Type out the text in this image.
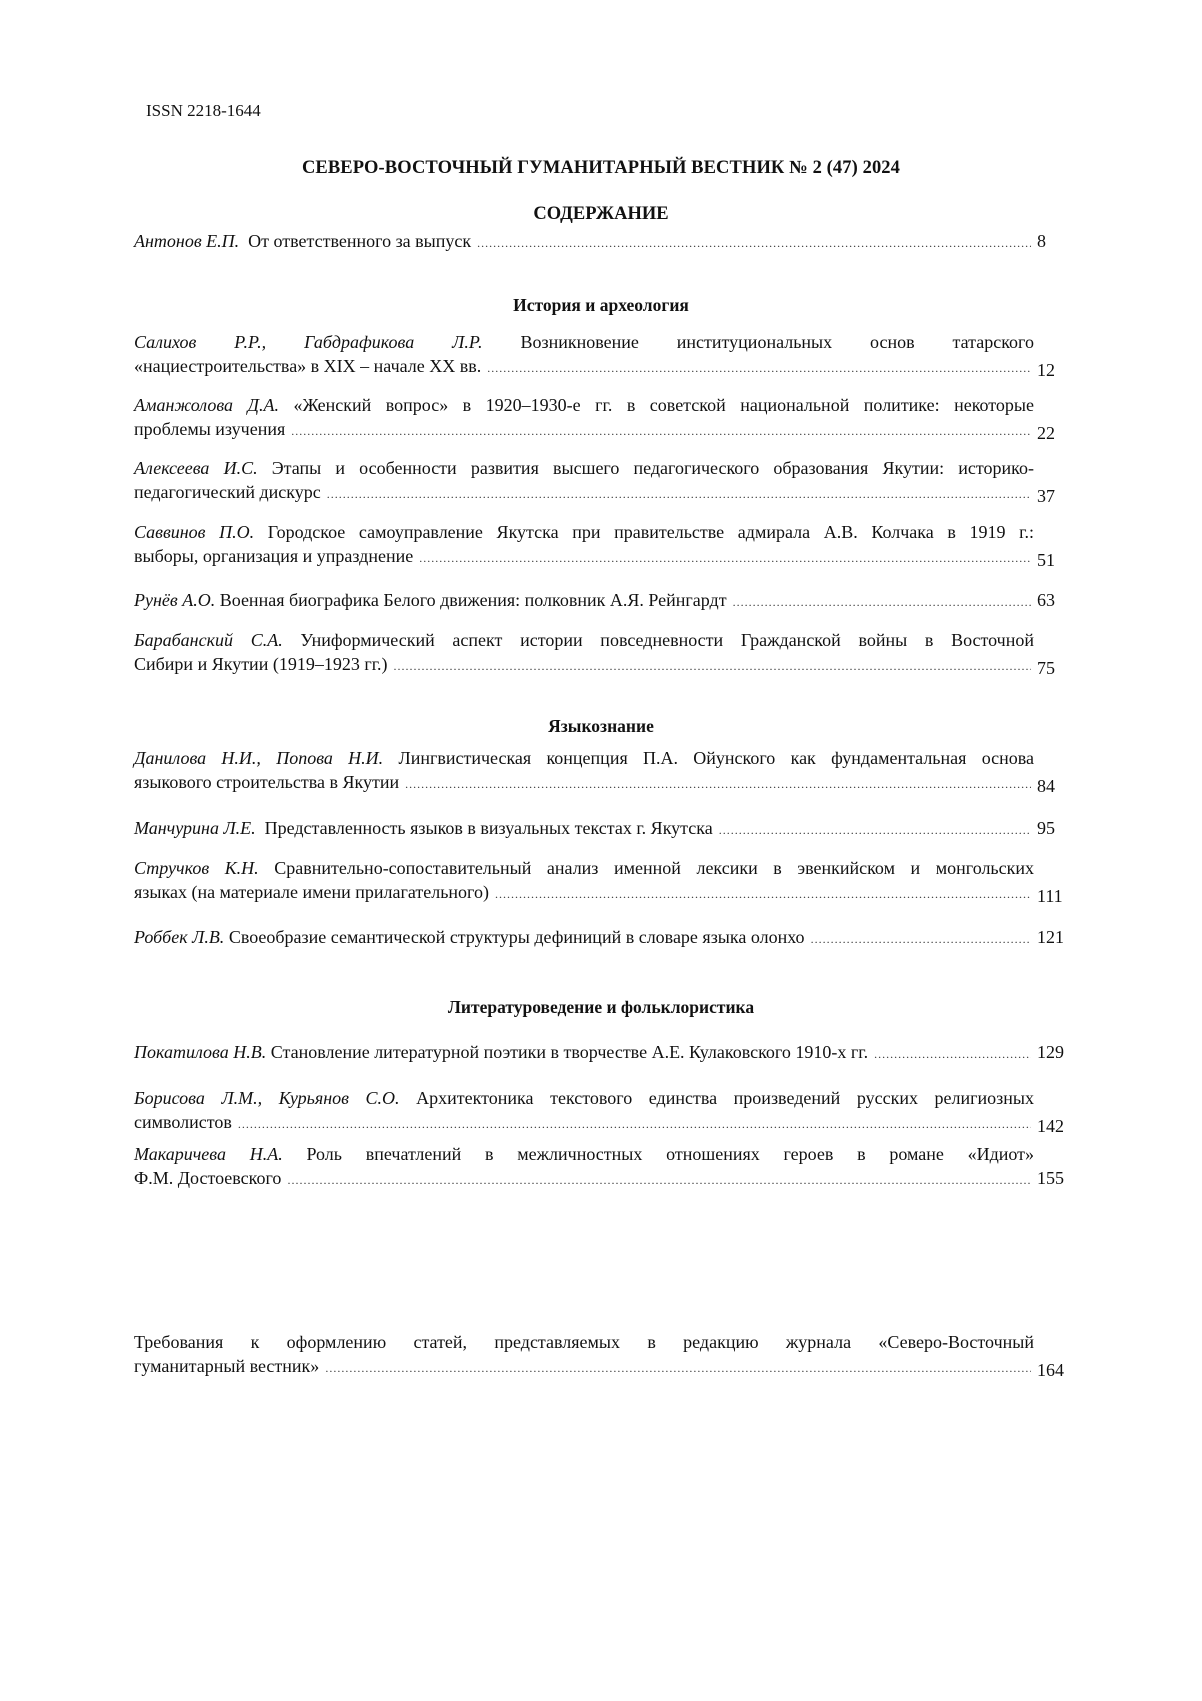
ISSN 2218-1644
СЕВЕРО-ВОСТОЧНЫЙ ГУМАНИТАРНЫЙ ВЕСТНИК № 2 (47) 2024
СОДЕРЖАНИЕ
Антонов Е.П. От ответственного за выпуск .....	8
История и археология
Салихов Р.Р., Габдрафикова Л.Р. Возникновение институциональных основ татарского
«нациестроительства» в XIX – начале XX вв. .....	12
Аманжолова Д.А. «Женский вопрос» в 1920–1930-е гг. в советской национальной политике: некоторые
проблемы изучения .....	22
Алексеева И.С. Этапы и особенности развития высшего педагогического образования Якутии: историко-
педагогический дискурс .....	37
Саввинов П.О. Городское самоуправление Якутска при правительстве адмирала А.В. Колчака в 1919 г.:
выборы, организация и упразднение .....	51
Рунёв А.О. Военная биографика Белого движения: полковник А.Я. Рейнгардт .....	63
Барабанский С.А. Униформический аспект истории повседневности Гражданской войны в Восточной
Сибири и Якутии (1919–1923 гг.) .....	75
Языкознание
Данилова Н.И., Попова Н.И. Лингвистическая концепция П.А. Ойунского как фундаментальная основа
языкового строительства в Якутии .....	84
Манчурина Л.Е. Представленность языков в визуальных текстах г. Якутска .....	95
Стручков К.Н. Сравнительно-сопоставительный анализ именной лексики в эвенкийском и монгольских
языках (на материале имени прилагательного) .....	111
Роббек Л.В. Своеобразие семантической структуры дефиниций в словаре языка олонхо .....	121
Литературоведение и фольклористика
Покатилова Н.В. Становление литературной поэтики в творчестве А.Е. Кулаковского 1910-х гг. .....	129
Борисова Л.М., Курьянов С.О. Архитектоника текстового единства произведений русских религиозных
символистов .....	142
Макаричева Н.А. Роль впечатлений в межличностных отношениях героев в романе «Идиот»
Ф.М. Достоевского .....	155
Требования к оформлению статей, представляемых в редакцию журнала «Северо-Восточный
гуманитарный вестник» .....	164
